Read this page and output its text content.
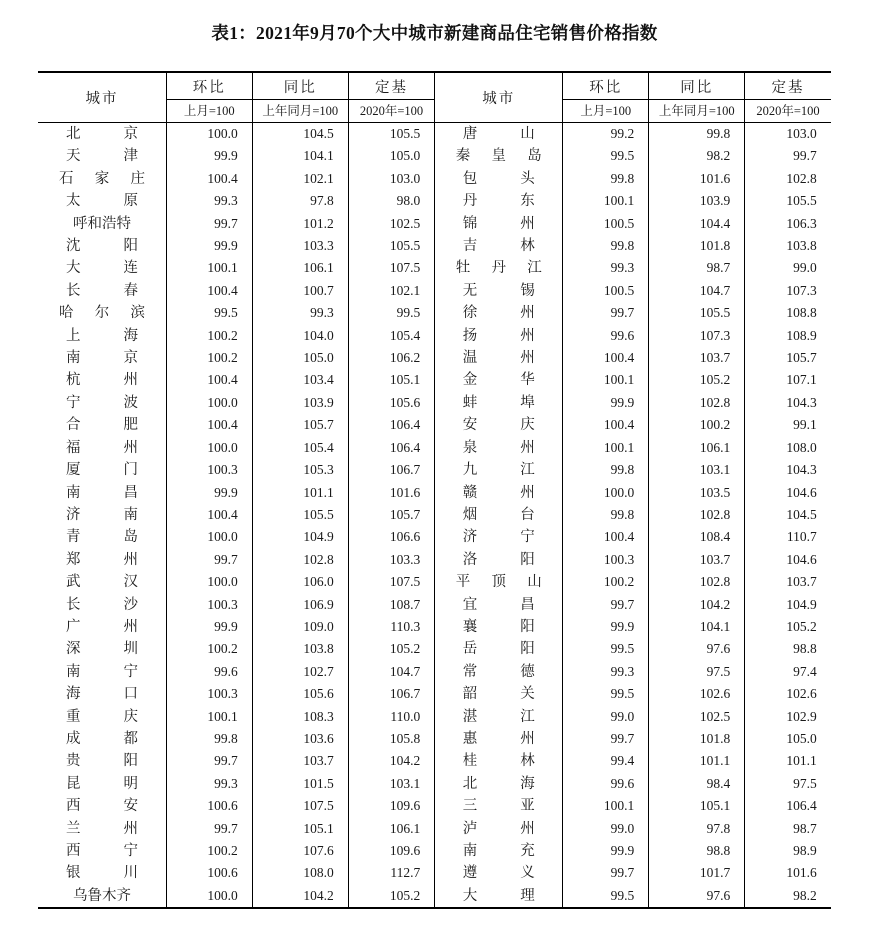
表1：2021年9月70个大中城市新建商品住宅销售价格指数
城市	环比	同比	定基
	上月=100	上年同月=100	2020年=100
北京	100.0	104.5	105.5
天津	99.9	104.1	105.0
石家庄	100.4	102.1	103.0
太原	99.3	97.8	98.0
呼和浩特	99.7	101.2	102.5
沈阳	99.9	103.3	105.5
大连	100.1	106.1	107.5
长春	100.4	100.7	102.1
哈尔滨	99.5	99.3	99.5
上海	100.2	104.0	105.4
南京	100.2	105.0	106.2
杭州	100.4	103.4	105.1
宁波	100.0	103.9	105.6
合肥	100.4	105.7	106.4
福州	100.0	105.4	106.4
厦门	100.3	105.3	106.7
南昌	99.9	101.1	101.6
济南	100.4	105.5	105.7
青岛	100.0	104.9	106.6
郑州	99.7	102.8	103.3
武汉	100.0	106.0	107.5
长沙	100.3	106.9	108.7
广州	99.9	109.0	110.3
深圳	100.2	103.8	105.2
南宁	99.6	102.7	104.7
海口	100.3	105.6	106.7
重庆	100.1	108.3	110.0
成都	99.8	103.6	105.8
贵阳	99.7	103.7	104.2
昆明	99.3	101.5	103.1
西安	100.6	107.5	109.6
兰州	99.7	105.1	106.1
西宁	100.2	107.6	109.6
银川	100.6	108.0	112.7
乌鲁木齐	100.0	104.2	105.2
城市	环比	同比	定基
	上月=100	上年同月=100	2020年=100
唐山	99.2	99.8	103.0
秦皇岛	99.5	98.2	99.7
包头	99.8	101.6	102.8
丹东	100.1	103.9	105.5
锦州	100.5	104.4	106.3
吉林	99.8	101.8	103.8
牡丹江	99.3	98.7	99.0
无锡	100.5	104.7	107.3
徐州	99.7	105.5	108.8
扬州	99.6	107.3	108.9
温州	100.4	103.7	105.7
金华	100.1	105.2	107.1
蚌埠	99.9	102.8	104.3
安庆	100.4	100.2	99.1
泉州	100.1	106.1	108.0
九江	99.8	103.1	104.3
赣州	100.0	103.5	104.6
烟台	99.8	102.8	104.5
济宁	100.4	108.4	110.7
洛阳	100.3	103.7	104.6
平顶山	100.2	102.8	103.7
宜昌	99.7	104.2	104.9
襄阳	99.9	104.1	105.2
岳阳	99.5	97.6	98.8
常德	99.3	97.5	97.4
韶关	99.5	102.6	102.6
湛江	99.0	102.5	102.9
惠州	99.7	101.8	105.0
桂林	99.4	101.1	101.1
北海	99.6	98.4	97.5
三亚	100.1	105.1	106.4
泸州	99.0	97.8	98.7
南充	99.9	98.8	98.9
遵义	99.7	101.7	101.6
大理	99.5	97.6	98.2
